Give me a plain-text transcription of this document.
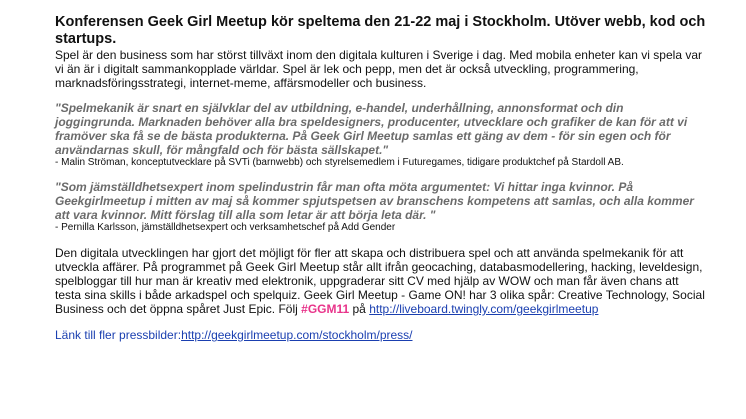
Konferensen Geek Girl Meetup kör speltema den 21-22 maj i Stockholm. Utöver webb, kod och startups.

Spel är den business som har störst tillväxt inom den digitala kulturen i Sverige i dag. Med mobila enheter kan vi spela var vi än är i digitalt sammankopplade världar. Spel är lek och pepp, men det är också utveckling, programmering, marknadsföringsstrategi, internet-meme, affärsmodeller och business.

"Spelmekanik är snart en självklar del av utbildning, e-handel, underhållning, annonsformat och din joggingrunda. Marknaden behöver alla bra speldesigners, producenter, utvecklare och grafiker de kan för att vi framöver ska få se de bästa produkterna. På Geek Girl Meetup samlas ett gäng av dem - för sin egen och för användarnas skull, för mångfald och för bästa sällskapet."

- Malin Ströman, konceptutvecklare på SVTi (barnwebb) och styrelsemedlem i Futuregames, tidigare produktchef på Stardoll AB.

"Som jämställdhetsexpert inom spelindustrin får man ofta möta argumentet: Vi hittar inga kvinnor. På Geekgirlmeetup i mitten av maj så kommer spjutspetsen av branschens kompetens att samlas, och alla kommer att vara kvinnor. Mitt förslag till alla som letar är att börja leta där. "

- Pernilla Karlsson, jämställdhetsexpert och verksamhetschef på Add Gender

Den digitala utvecklingen har gjort det möjligt för fler att skapa och distribuera spel och att använda spelmekanik för att utveckla affärer. På programmet på Geek Girl Meetup står allt ifrån geocaching, databasmodellering, hacking, leveldesign, spelbloggar till hur man är kreativ med elektronik, uppgraderar sitt CV med hjälp av WOW och man får även chans att testa sina skills i både arkadspel och spelquiz. Geek Girl Meetup - Game ON! har 3 olika spår: Creative Technology, Social Business och det öppna spåret Just Epic. Följ #GGM11 på http://liveboard.twingly.com/geekgirlmeetup

Länk till fler pressbilder:http://geekgirlmeetup.com/stockholm/press/
